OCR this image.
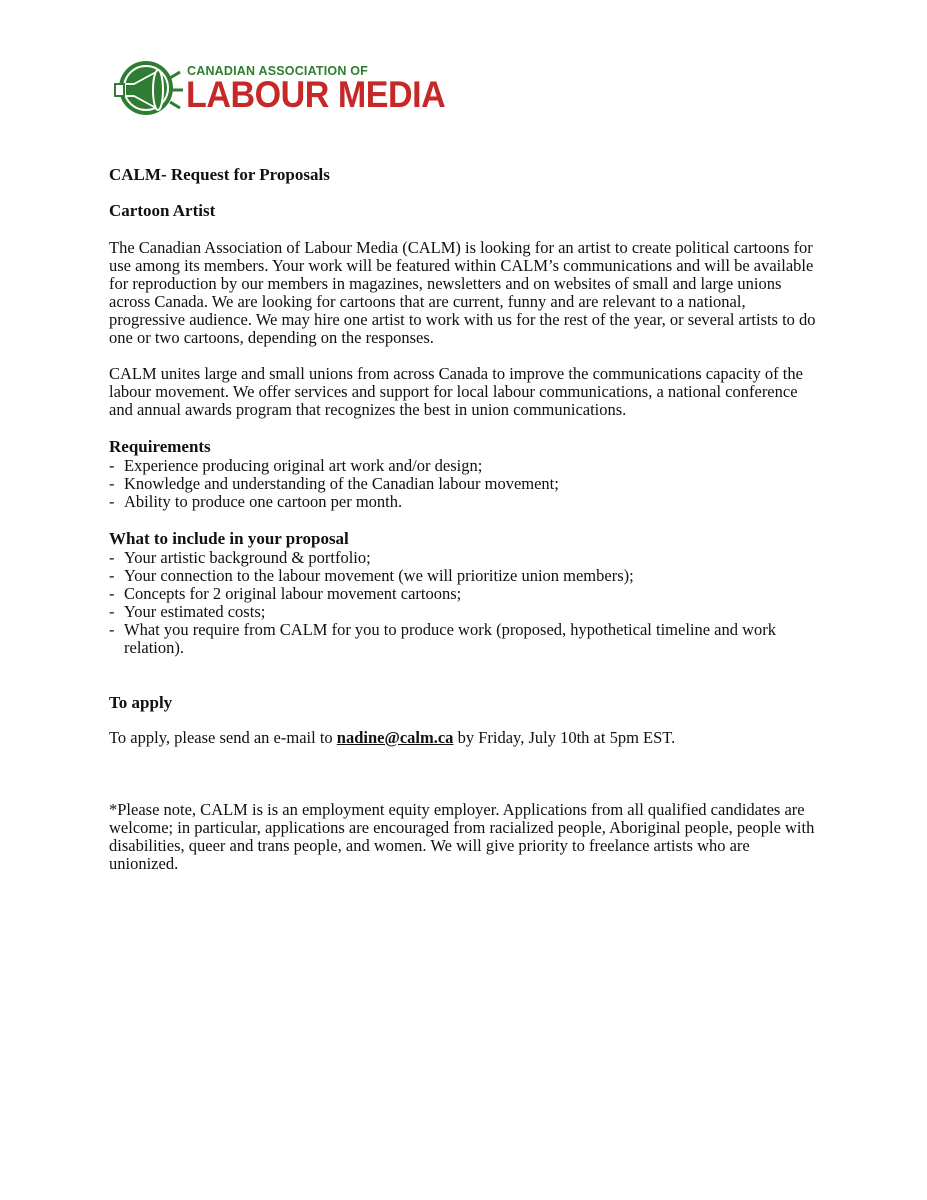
CANADIAN ASSOCIATION OF
LABOUR MEDIA
CALM- Request for Proposals
Cartoon Artist

The Canadian Association of Labour Media (CALM) is looking for an artist to create political cartoons for use among its members. Your work will be featured within CALM’s communications and will be available for reproduction by our members in magazines, newsletters and on websites of small and large unions across Canada. We are looking for cartoons that are current, funny and are relevant to a national, progressive audience. We may hire one artist to work with us for the rest of the year, or several artists to do one or two cartoons, depending on the responses.

CALM unites large and small unions from across Canada to improve the communications capacity of the labour movement. We offer services and support for local labour communications, a national conference and annual awards program that recognizes the best in union communications.

Requirements
- Experience producing original art work and/or design;
- Knowledge and understanding of the Canadian labour movement;
- Ability to produce one cartoon per month.
What to include in your proposal
- Your artistic background & portfolio;
- Your connection to the labour movement (we will prioritize union members);
- Concepts for 2 original labour movement cartoons;
- Your estimated costs;
- What you require from CALM for you to produce work (proposed, hypothetical timeline and work relation).
To apply

To apply, please send an e-mail to nadine@calm.ca by Friday, July 10th at 5pm EST.

*Please note, CALM is is an employment equity employer. Applications from all qualified candidates are welcome; in particular, applications are encouraged from racialized people, Aboriginal people, people with disabilities, queer and trans people, and women. We will give priority to freelance artists who are unionized.
